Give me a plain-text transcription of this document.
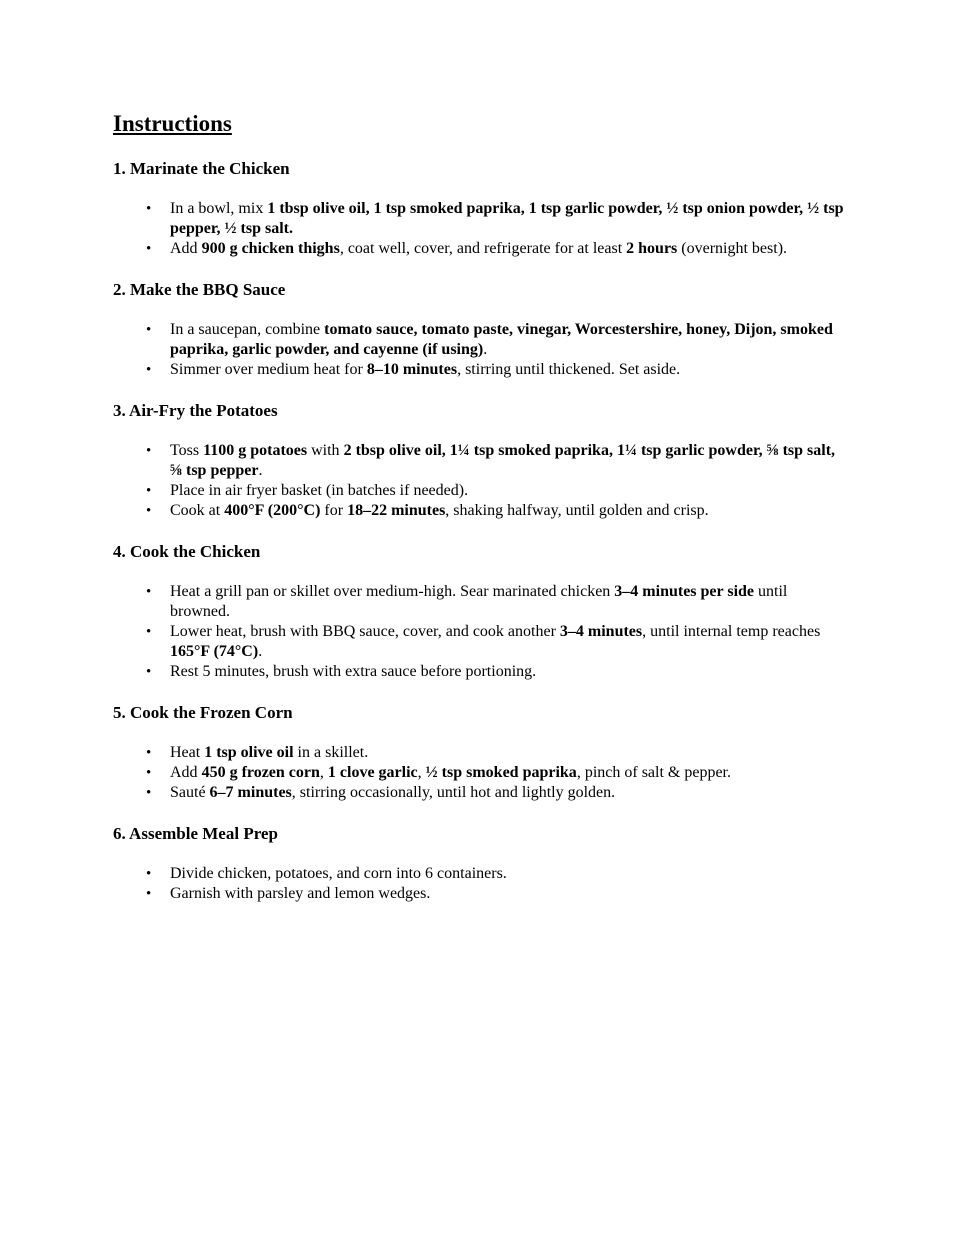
Instructions
1. Marinate the Chicken
• In a bowl, mix 1 tbsp olive oil, 1 tsp smoked paprika, 1 tsp garlic powder, ½ tsp onion powder, ½ tsp pepper, ½ tsp salt.
• Add 900 g chicken thighs, coat well, cover, and refrigerate for at least 2 hours (overnight best).
2. Make the BBQ Sauce
• In a saucepan, combine tomato sauce, tomato paste, vinegar, Worcestershire, honey, Dijon, smoked paprika, garlic powder, and cayenne (if using).
• Simmer over medium heat for 8–10 minutes, stirring until thickened. Set aside.
3. Air-Fry the Potatoes
• Toss 1100 g potatoes with 2 tbsp olive oil, 1¼ tsp smoked paprika, 1¼ tsp garlic powder, ⅝ tsp salt, ⅝ tsp pepper.
• Place in air fryer basket (in batches if needed).
• Cook at 400°F (200°C) for 18–22 minutes, shaking halfway, until golden and crisp.
4. Cook the Chicken
• Heat a grill pan or skillet over medium-high. Sear marinated chicken 3–4 minutes per side until browned.
• Lower heat, brush with BBQ sauce, cover, and cook another 3–4 minutes, until internal temp reaches 165°F (74°C).
• Rest 5 minutes, brush with extra sauce before portioning.
5. Cook the Frozen Corn
• Heat 1 tsp olive oil in a skillet.
• Add 450 g frozen corn, 1 clove garlic, ½ tsp smoked paprika, pinch of salt & pepper.
• Sauté 6–7 minutes, stirring occasionally, until hot and lightly golden.
6. Assemble Meal Prep
• Divide chicken, potatoes, and corn into 6 containers.
• Garnish with parsley and lemon wedges.
